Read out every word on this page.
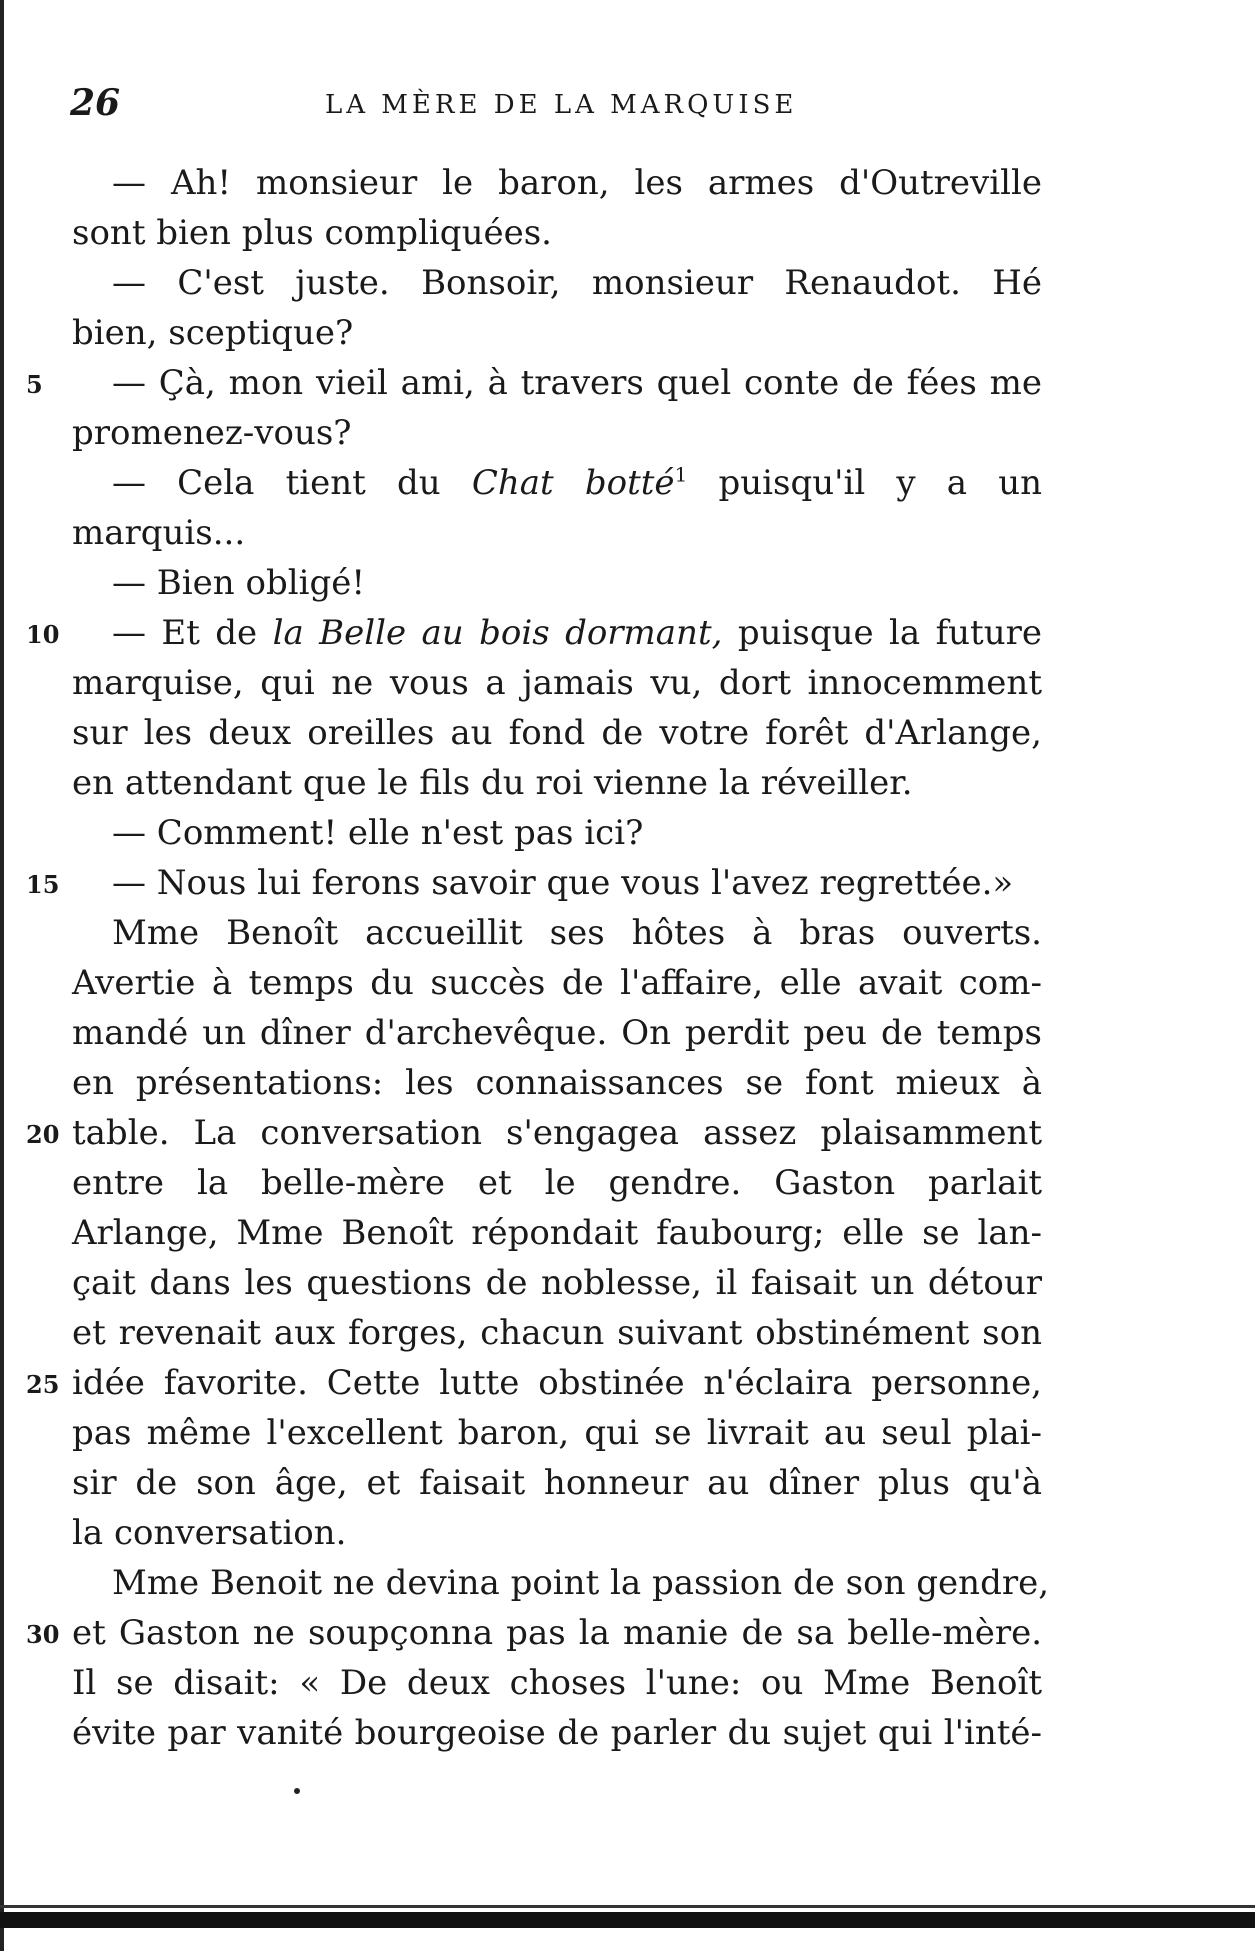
26	LA MÈRE DE LA MARQUISE
— Ah! monsieur le baron, les armes d'Outreville
sont bien plus compliquées.
— C'est juste. Bonsoir, monsieur Renaudot. Hé
bien, sceptique?
5	— Çà, mon vieil ami, à travers quel conte de fées me
promenez-vous?
— Cela tient du Chat botté$^1$ puisqu'il y a un
marquis...
— Bien obligé!
10	— Et de la Belle au bois dormant, puisque la future
marquise, qui ne vous a jamais vu, dort innocemment
sur les deux oreilles au fond de votre forêt d'Arlange,
en attendant que le fils du roi vienne la réveiller.
— Comment! elle n'est pas ici?
15	— Nous lui ferons savoir que vous l'avez regrettée.»
Mme Benoît accueillit ses hôtes à bras ouverts.
Avertie à temps du succès de l'affaire, elle avait com-
mandé un dîner d'archevêque. On perdit peu de temps
en présentations: les connaissances se font mieux à
20 table. La conversation s'engagea assez plaisamment
entre la belle-mère et le gendre. Gaston parlait
Arlange, Mme Benoît répondait faubourg; elle se lan-
çait dans les questions de noblesse, il faisait un détour
et revenait aux forges, chacun suivant obstinément son
25 idée favorite. Cette lutte obstinée n'éclaira personne,
pas même l'excellent baron, qui se livrait au seul plai-
sir de son âge, et faisait honneur au dîner plus qu'à
la conversation.
Mme Benoit ne devina point la passion de son gendre,
30 et Gaston ne soupçonna pas la manie de sa belle-mère.
Il se disait: « De deux choses l'une: ou Mme Benoît
évite par vanité bourgeoise de parler du sujet qui l'inté-
